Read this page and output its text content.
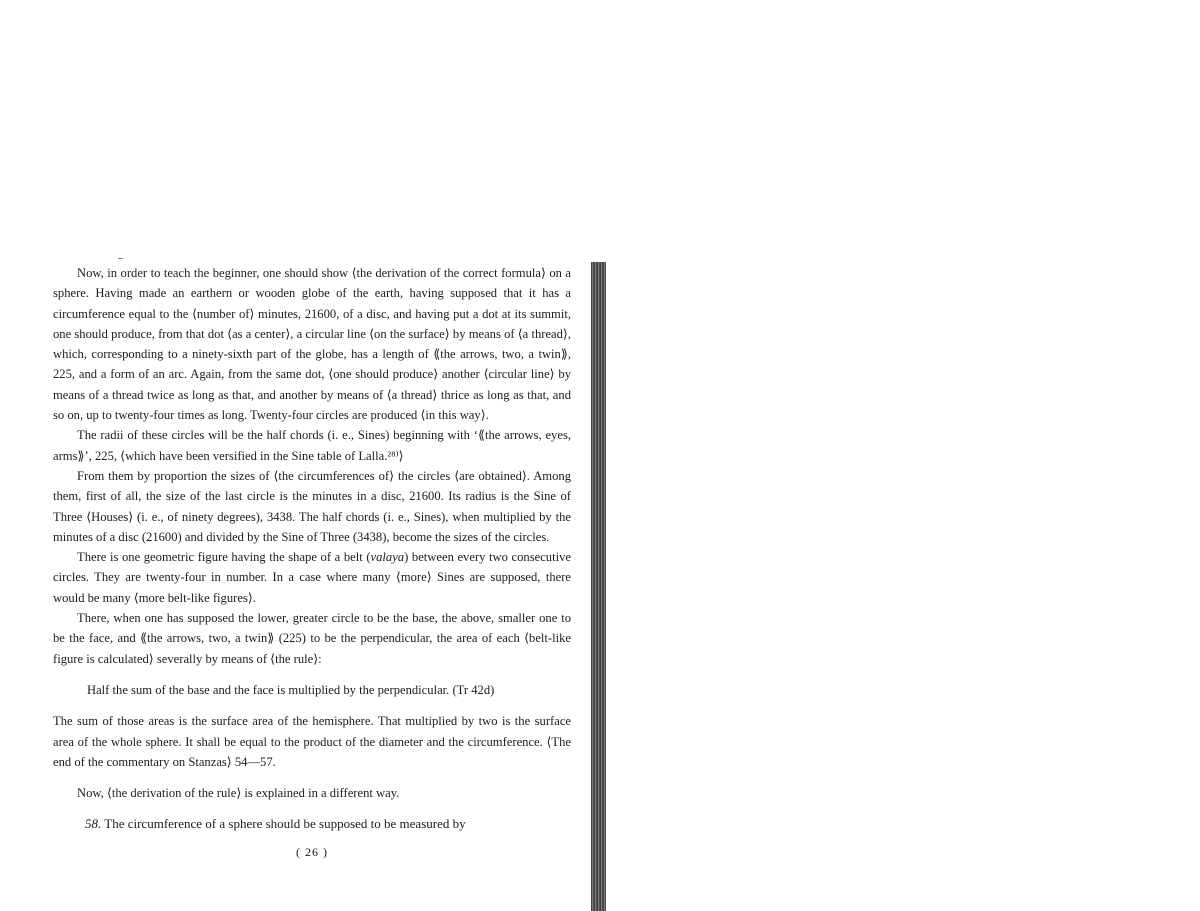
Now, in order to teach the beginner, one should show ⟨the derivation of the correct formula⟩ on a sphere. Having made an earthern or wooden globe of the earth, having supposed that it has a circumference equal to the ⟨number of⟩ minutes, 21600, of a disc, and having put a dot at its summit, one should produce, from that dot ⟨as a center⟩, a circular line ⟨on the surface⟩ by means of ⟨a thread⟩, which, corresponding to a ninety-sixth part of the globe, has a length of ⟪the arrows, two, a twin⟫, 225, and a form of an arc. Again, from the same dot, ⟨one should produce⟩ another ⟨circular line⟩ by means of a thread twice as long as that, and another by means of ⟨a thread⟩ thrice as long as that, and so on, up to twenty-four times as long. Twenty-four circles are produced ⟨in this way⟩.

The radii of these circles will be the half chords (i. e., Sines) beginning with ‘⟪the arrows, eyes, arms⟫’, 225, ⟨which have been versified in the Sine table of Lalla.²⁸⁾⟩

From them by proportion the sizes of ⟨the circumferences of⟩ the circles ⟨are obtained⟩. Among them, first of all, the size of the last circle is the minutes in a disc, 21600. Its radius is the Sine of Three ⟨Houses⟩ (i. e., of ninety degrees), 3438. The half chords (i. e., Sines), when multiplied by the minutes of a disc (21600) and divided by the Sine of Three (3438), become the sizes of the circles.

There is one geometric figure having the shape of a belt (valaya) between every two consecutive circles. They are twenty-four in number. In a case where many ⟨more⟩ Sines are supposed, there would be many ⟨more belt-like figures⟩.

There, when one has supposed the lower, greater circle to be the base, the above, smaller one to be the face, and ⟪the arrows, two, a twin⟫ (225) to be the perpendicular, the area of each ⟨belt-like figure is calculated⟩ severally by means of ⟨the rule⟩:

Half the sum of the base and the face is multiplied by the perpendicular. (Tr 42d)

The sum of those areas is the surface area of the hemisphere. That multiplied by two is the surface area of the whole sphere. It shall be equal to the product of the diameter and the circumference. ⟨The end of the commentary on Stanzas⟩ 54—57.

Now, ⟨the derivation of the rule⟩ is explained in a different way.

58. The circumference of a sphere should be supposed to be measured by

( 26 )
